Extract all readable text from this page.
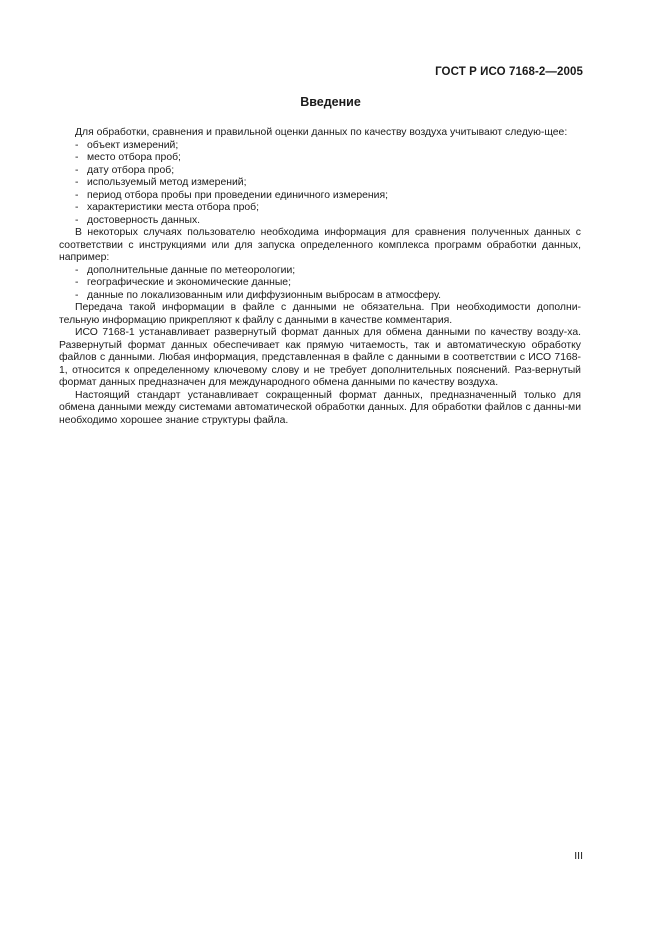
ГОСТ Р ИСО 7168-2—2005

Введение

Для обработки, сравнения и правильной оценки данных по качеству воздуха учитывают следую-щее:

- объект измерений;
- место отбора проб;
- дату отбора проб;
- используемый метод измерений;
- период отбора пробы при проведении единичного измерения;
- характеристики места отбора проб;
- достоверность данных.

В некоторых случаях пользователю необходима информация для сравнения полученных данных с соответствии с инструкциями или для запуска определенного комплекса программ обработки данных, например:

- дополнительные данные по метеорологии;
- географические и экономические данные;
- данные по локализованным или диффузионным выбросам в атмосферу.

Передача такой информации в файле с данными не обязательна. При необходимости дополни-тельную информацию прикрепляют к файлу с данными в качестве комментария.

ИСО 7168-1 устанавливает развернутый формат данных для обмена данными по качеству возду-ха. Развернутый формат данных обеспечивает как прямую читаемость, так и автоматическую обработку файлов с данными. Любая информация, представленная в файле с данными в соответствии с ИСО 7168-1, относится к определенному ключевому слову и не требует дополнительных пояснений. Раз-вернутый формат данных предназначен для международного обмена данными по качеству воздуха.

Настоящий стандарт устанавливает сокращенный формат данных, предназначенный только для обмена данными между системами автоматической обработки данных. Для обработки файлов с данны-ми необходимо хорошее знание структуры файла.

III
